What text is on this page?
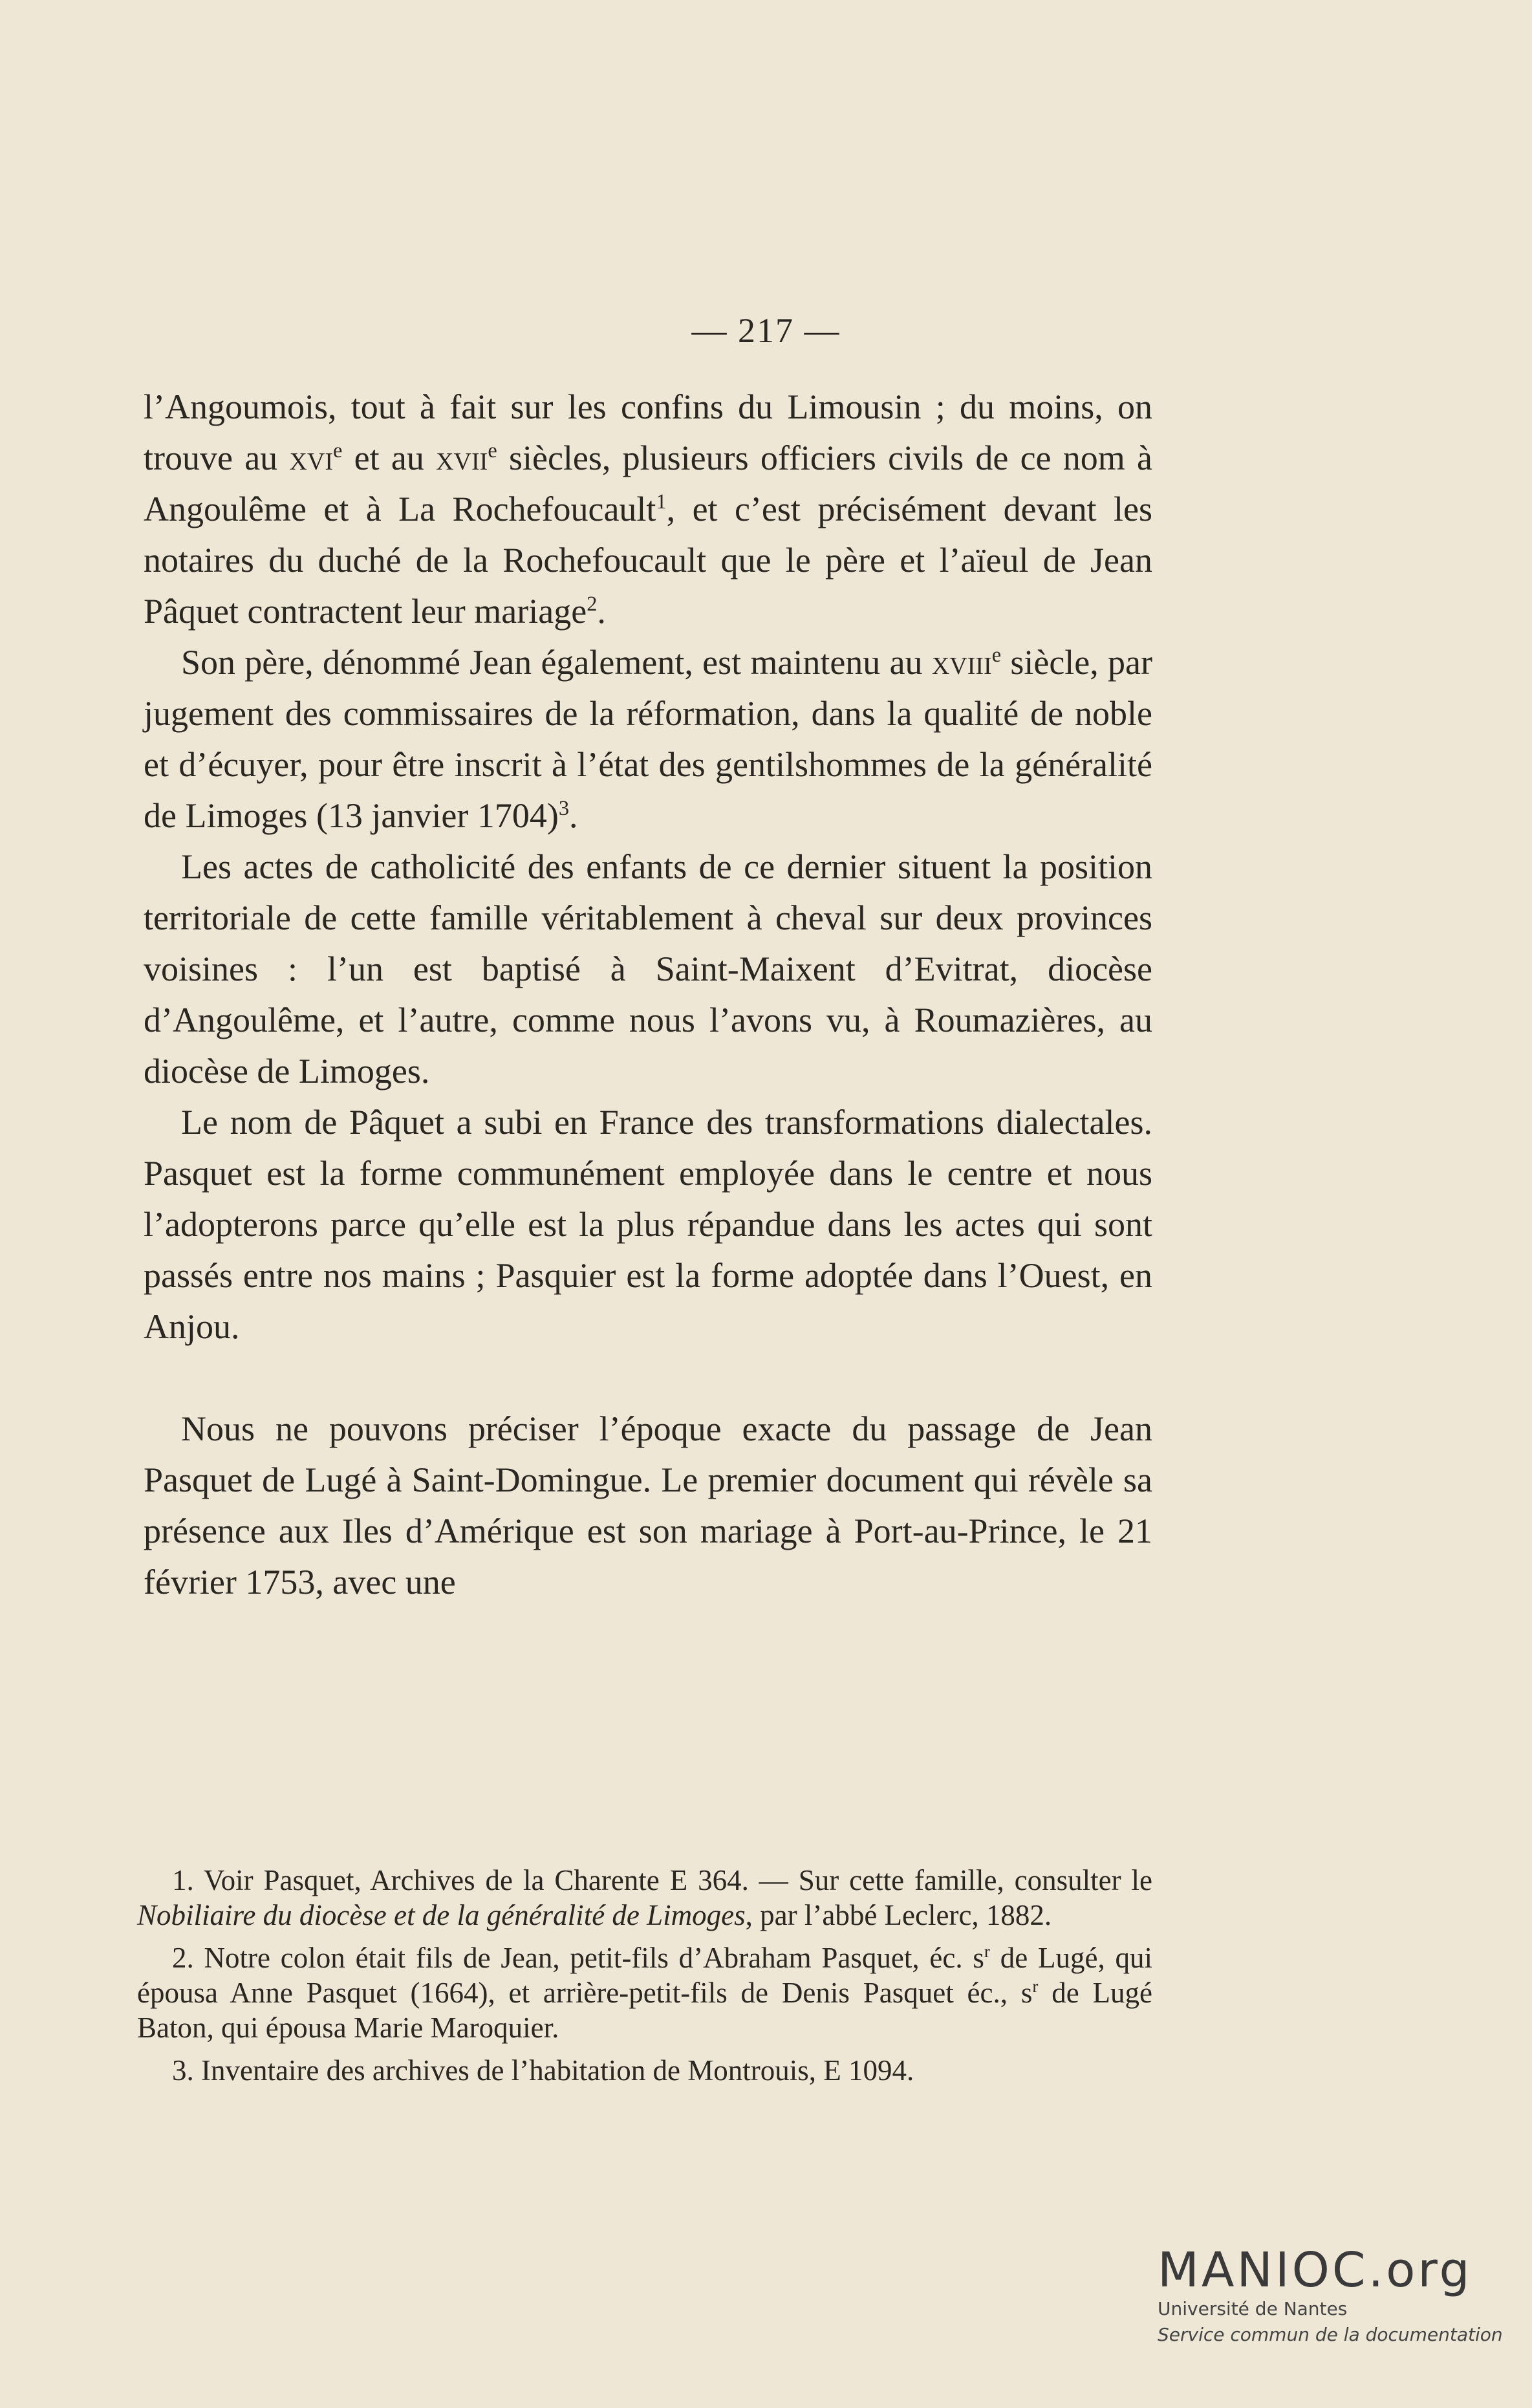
— 217 —

l’Angoumois, tout à fait sur les confins du Limousin ; du moins, on trouve au xvi$^e$ et au xvii$^e$ siècles, plusieurs officiers civils de ce nom à Angoulême et à La Rochefoucault$^1$, et c’est précisément devant les notaires du duché de la Rochefoucault que le père et l’aïeul de Jean Pâquet contractent leur mariage$^2$.

Son père, dénommé Jean également, est maintenu au xviii$^e$ siècle, par jugement des commissaires de la réformation, dans la qualité de noble et d’écuyer, pour être inscrit à l’état des gentilshommes de la généralité de Limoges (13 janvier 1704)$^3$.

Les actes de catholicité des enfants de ce dernier situent la position territoriale de cette famille véritablement à cheval sur deux provinces voisines : l’un est baptisé à Saint-Maixent d’Evitrat, diocèse d’Angoulême, et l’autre, comme nous l’avons vu, à Roumazières, au diocèse de Limoges.

Le nom de Pâquet a subi en France des transformations dialectales. Pasquet est la forme communément employée dans le centre et nous l’adopterons parce qu’elle est la plus répandue dans les actes qui sont passés entre nos mains ; Pasquier est la forme adoptée dans l’Ouest, en Anjou.

Nous ne pouvons préciser l’époque exacte du passage de Jean Pasquet de Lugé à Saint-Domingue. Le premier document qui révèle sa présence aux Iles d’Amérique est son mariage à Port-au-Prince, le 21 février 1753, avec une

1. Voir Pasquet, Archives de la Charente E 364. — Sur cette famille, consulter le Nobiliaire du diocèse et de la généralité de Limoges, par l’abbé Leclerc, 1882.

2. Notre colon était fils de Jean, petit-fils d’Abraham Pasquet, éc. $s^r$ de Lugé, qui épousa Anne Pasquet (1664), et arrière-petit-fils de Denis Pasquet éc., $s^r$ de Lugé Baton, qui épousa Marie Maroquier.

3. Inventaire des archives de l’habitation de Montrouis, E 1094.

MANIOC.org
Université de Nantes
Service commun de la documentation
